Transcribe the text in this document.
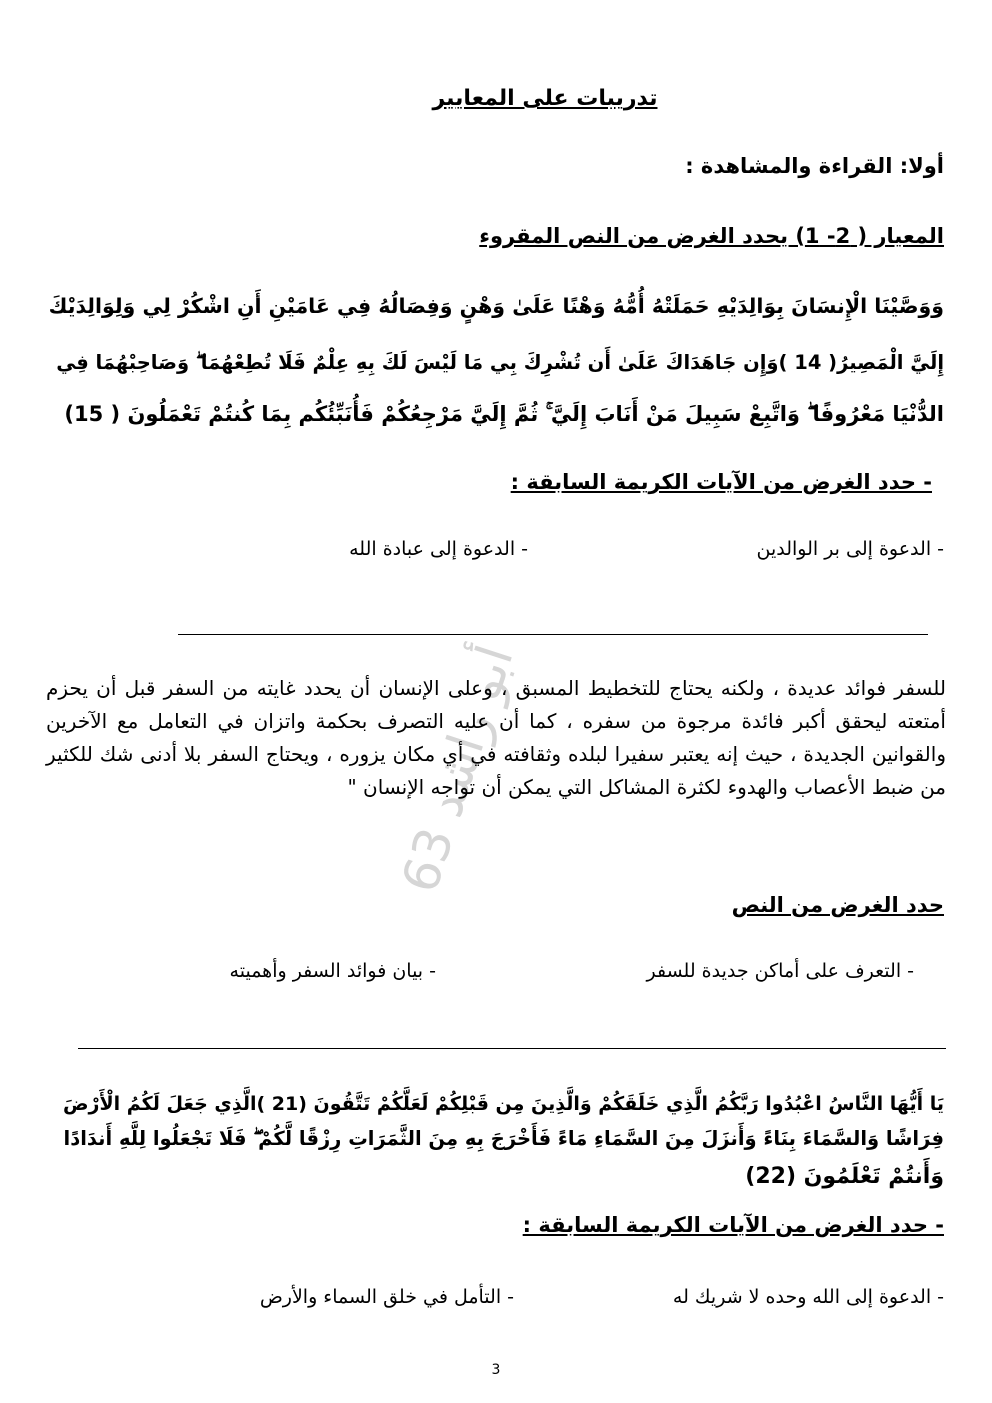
أبو راشد 63
تدريبات على المعايير
أولا: القراءة والمشاهدة :
المعيار ( 2- 1) يحدد الغرض من النص المقروء
وَوَصَّيْنَا الْإِنسَانَ بِوَالِدَيْهِ حَمَلَتْهُ أُمُّهُ وَهْنًا عَلَىٰ وَهْنٍ وَفِصَالُهُ فِي عَامَيْنِ أَنِ اشْكُرْ لِي وَلِوَالِدَيْكَ
إِلَيَّ الْمَصِيرُ( 14 )وَإِن جَاهَدَاكَ عَلَىٰ أَن تُشْرِكَ بِي مَا لَيْسَ لَكَ بِهِ عِلْمٌ فَلَا تُطِعْهُمَا ۖ وَصَاحِبْهُمَا فِي
الدُّنْيَا مَعْرُوفًا ۖ وَاتَّبِعْ سَبِيلَ مَنْ أَنَابَ إِلَيَّ ۚ ثُمَّ إِلَيَّ مَرْجِعُكُمْ فَأُنَبِّئُكُم بِمَا كُنتُمْ تَعْمَلُونَ ( 15)
- حدد الغرض من الآيات الكريمة السابقة :
- الدعوة إلى بر الوالدين
- الدعوة إلى عبادة الله
للسفر فوائد عديدة ، ولكنه يحتاج للتخطيط المسبق ، وعلى الإنسان أن يحدد غايته من السفر قبل أن يحزم أمتعته ليحقق أكبر فائدة مرجوة من سفره ، كما أن عليه التصرف بحكمة واتزان في التعامل مع الآخرين والقوانين الجديدة ، حيث إنه يعتبر سفيرا لبلده وثقافته في أي مكان يزوره ، ويحتاج السفر بلا أدنى شك للكثير من ضبط الأعصاب والهدوء لكثرة المشاكل التي يمكن أن تواجه الإنسان "
حدد الغرض من النص
- التعرف على أماكن جديدة للسفر
- بيان فوائد السفر وأهميته
يَا أَيُّهَا النَّاسُ اعْبُدُوا رَبَّكُمُ الَّذِي خَلَقَكُمْ وَالَّذِينَ مِن قَبْلِكُمْ لَعَلَّكُمْ تَتَّقُونَ (21 )الَّذِي جَعَلَ لَكُمُ الْأَرْضَ
فِرَاشًا وَالسَّمَاءَ بِنَاءً وَأَنزَلَ مِنَ السَّمَاءِ مَاءً فَأَخْرَجَ بِهِ مِنَ الثَّمَرَاتِ رِزْقًا لَّكُمْ ۖ فَلَا تَجْعَلُوا لِلَّهِ أَندَادًا
وَأَنتُمْ تَعْلَمُونَ (22)
- حدد الغرض من الآيات الكريمة السابقة :
- الدعوة إلى الله وحده لا شريك له
- التأمل في خلق السماء والأرض
3
